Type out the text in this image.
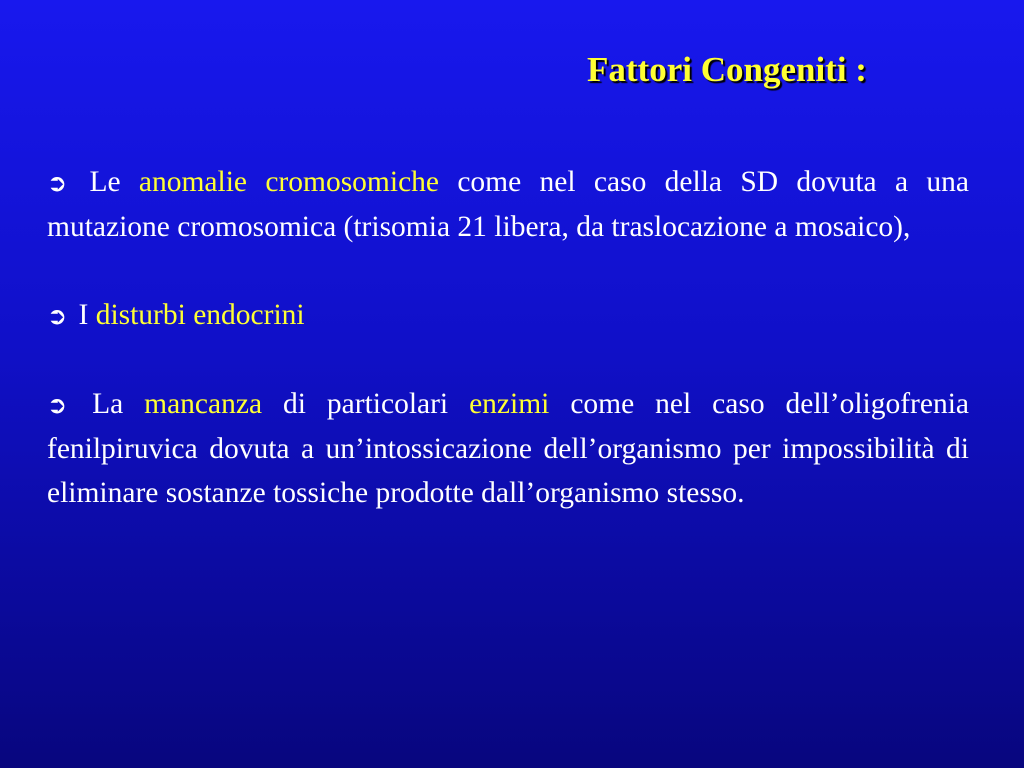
Fattori Congeniti :

➲ Le anomalie cromosomiche come nel caso della SD dovuta a una mutazione cromosomica (trisomia 21 libera, da traslocazione a mosaico),

➲ I disturbi endocrini

➲ La mancanza di particolari enzimi come nel caso dell’oligofrenia fenilpiruvica dovuta a un’intossicazione dell’organismo per impossibilità di eliminare sostanze tossiche prodotte dall’organismo stesso.
